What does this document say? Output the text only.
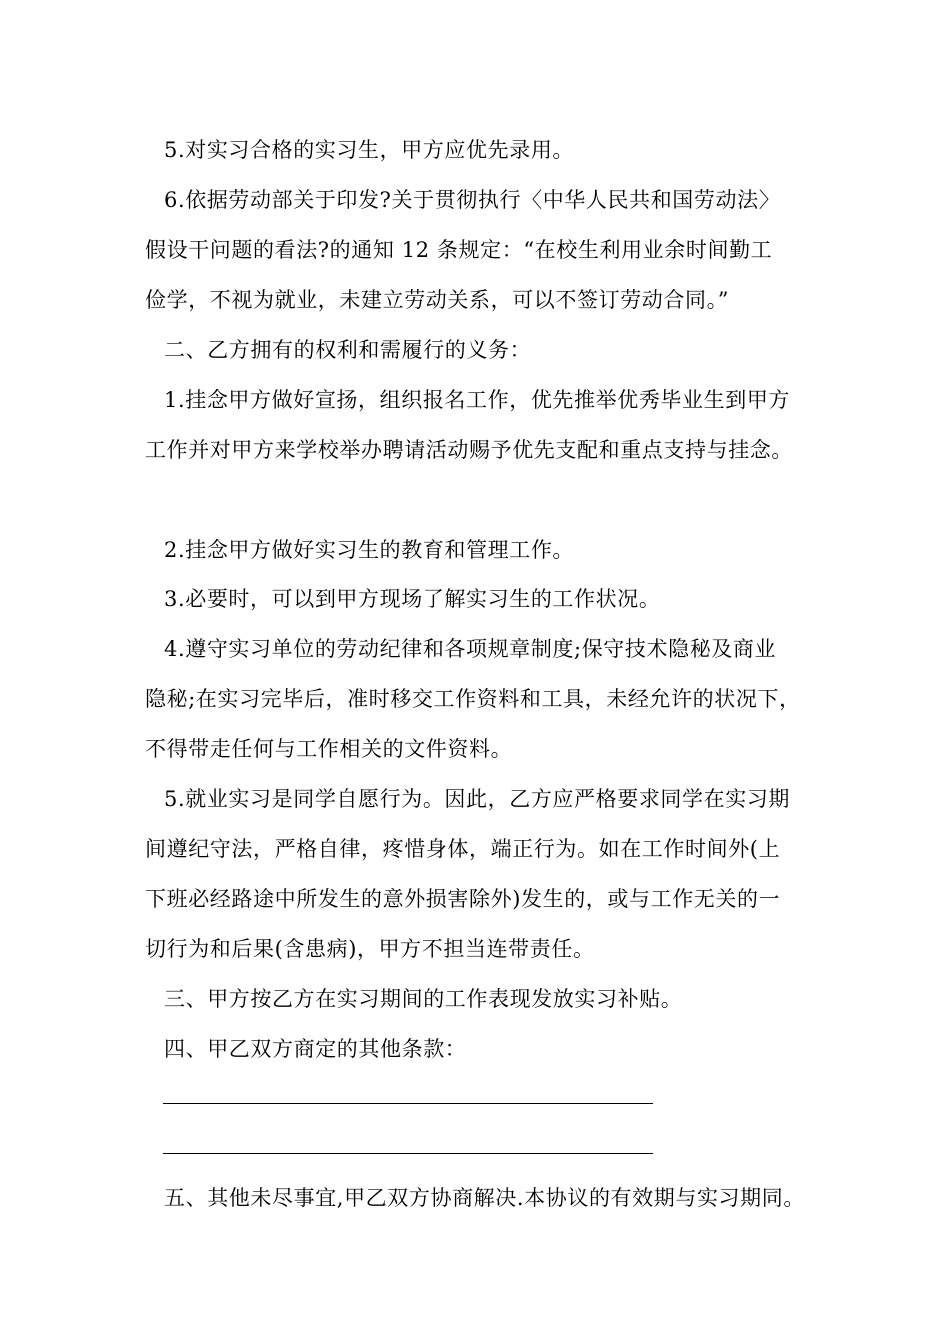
5.对实习合格的实习生，甲方应优先录用。
6.依据劳动部关于印发?关于贯彻执行〈中华人民共和国劳动法〉
假设干问题的看法?的通知 12 条规定：“在校生利用业余时间勤工
俭学，不视为就业，未建立劳动关系，可以不签订劳动合同。”
二、乙方拥有的权利和需履行的义务：
1.挂念甲方做好宣扬，组织报名工作，优先推举优秀毕业生到甲方
工作并对甲方来学校举办聘请活动赐予优先支配和重点支持与挂念。
2.挂念甲方做好实习生的教育和管理工作。
3.必要时，可以到甲方现场了解实习生的工作状况。
4.遵守实习单位的劳动纪律和各项规章制度;保守技术隐秘及商业
隐秘;在实习完毕后，准时移交工作资料和工具，未经允许的状况下，
不得带走任何与工作相关的文件资料。
5.就业实习是同学自愿行为。因此，乙方应严格要求同学在实习期
间遵纪守法，严格自律，疼惜身体，端正行为。如在工作时间外(上
下班必经路途中所发生的意外损害除外)发生的，或与工作无关的一
切行为和后果(含患病)，甲方不担当连带责任。
三、甲方按乙方在实习期间的工作表现发放实习补贴。
四、甲乙双方商定的其他条款：
五、其他未尽事宜,甲乙双方协商解决.本协议的有效期与实习期同。
